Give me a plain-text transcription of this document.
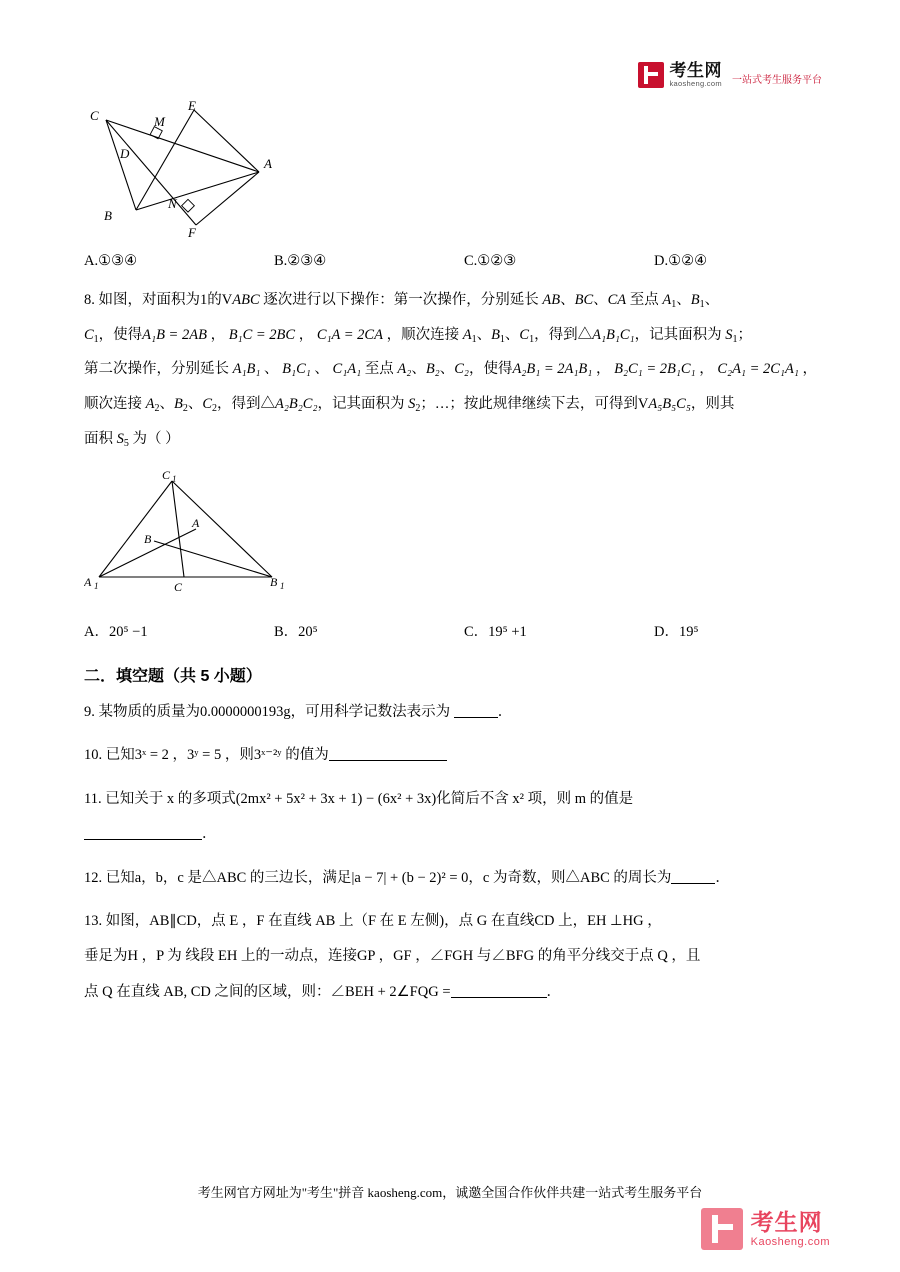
考生网
kaosheng.com 一站式考生服务平台
C
E
M
D
A
B
N
F
A.①③④	B.②③④	C.①②③	D.①②④
8. 如图，对面积为1的VABC 逐次进行以下操作：第一次操作，分别延长 AB、BC、CA 至点 $A_1$、$B_1$、
$C_1$，使得A₁B = 2AB ， B₁C = 2BC ， C₁A = 2CA ，顺次连接 $A_1$、$B_1$、$C_1$，得到△A₁B₁C₁，记其面积为 $S_1$；
第二次操作，分别延长 A₁B₁ 、 B₁C₁ 、 C₁A₁ 至点 A₂、B₂、C₂，使得A₂B₁ = 2A₁B₁ ， B₂C₁ = 2B₁C₁ ， C₂A₁ = 2C₁A₁ ，
顺次连接 $A_2$、$B_2$、$C_2$，得到△A₂B₂C₂，记其面积为 $S_2$；…；按此规律继续下去，可得到VA₅B₅C₅，则其
面积 $S_5$ 为（ ）
C 1
B
A
A 1	C	B 1
A．20⁵ −1	B．20⁵	C．19⁵ +1	D．19⁵
二．填空题（共 5 小题）
9. 某物质的质量为0.0000000193g，可用科学记数法表示为	．
10. 已知3ˣ = 2 ，3ʸ = 5 ，则3ˣ⁻²ʸ 的值为
11. 已知关于 x 的多项式(2mx² + 5x² + 3x + 1) − (6x² + 3x)化简后不含 x² 项，则 m 的值是
．
12. 已知a，b，c 是△ABC 的三边长，满足|a − 7| + (b − 2)² = 0，c 为奇数，则△ABC 的周长为	．
13. 如图，AB∥CD，点 E ，F 在直线 AB 上（F 在 E 左侧)，点 G 在直线CD 上，EH ⊥HG ，
垂足为H ，P 为 线段 EH 上的一动点，连接GP ，GF ，∠FGH 与∠BFG 的角平分线交于点 Q ，且
点 Q 在直线 AB, CD 之间的区域，则：∠BEH + 2∠FQG =	．
考生网官方网址为"考生"拼音 kaosheng.com，诚邀全国合作伙伴共建一站式考生服务平台
考生网
Kaosheng.com
